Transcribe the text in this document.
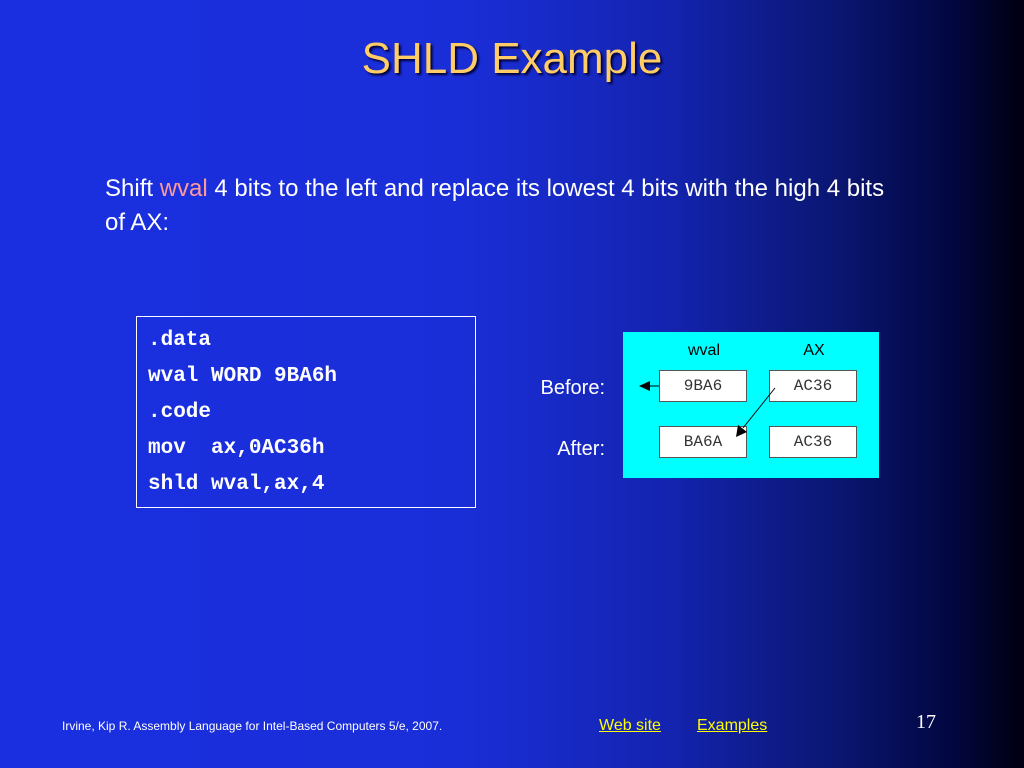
SHLD Example
Shift wval 4 bits to the left and replace its lowest 4 bits with the high 4 bits of AX:
.data
wval WORD 9BA6h
.code
mov  ax,0AC36h
shld wval,ax,4
Before:
After:
wval	AX
9BA6	AC36
BA6A	AC36
Irvine, Kip R. Assembly Language for Intel-Based Computers 5/e, 2007.	Web site Examples	17
